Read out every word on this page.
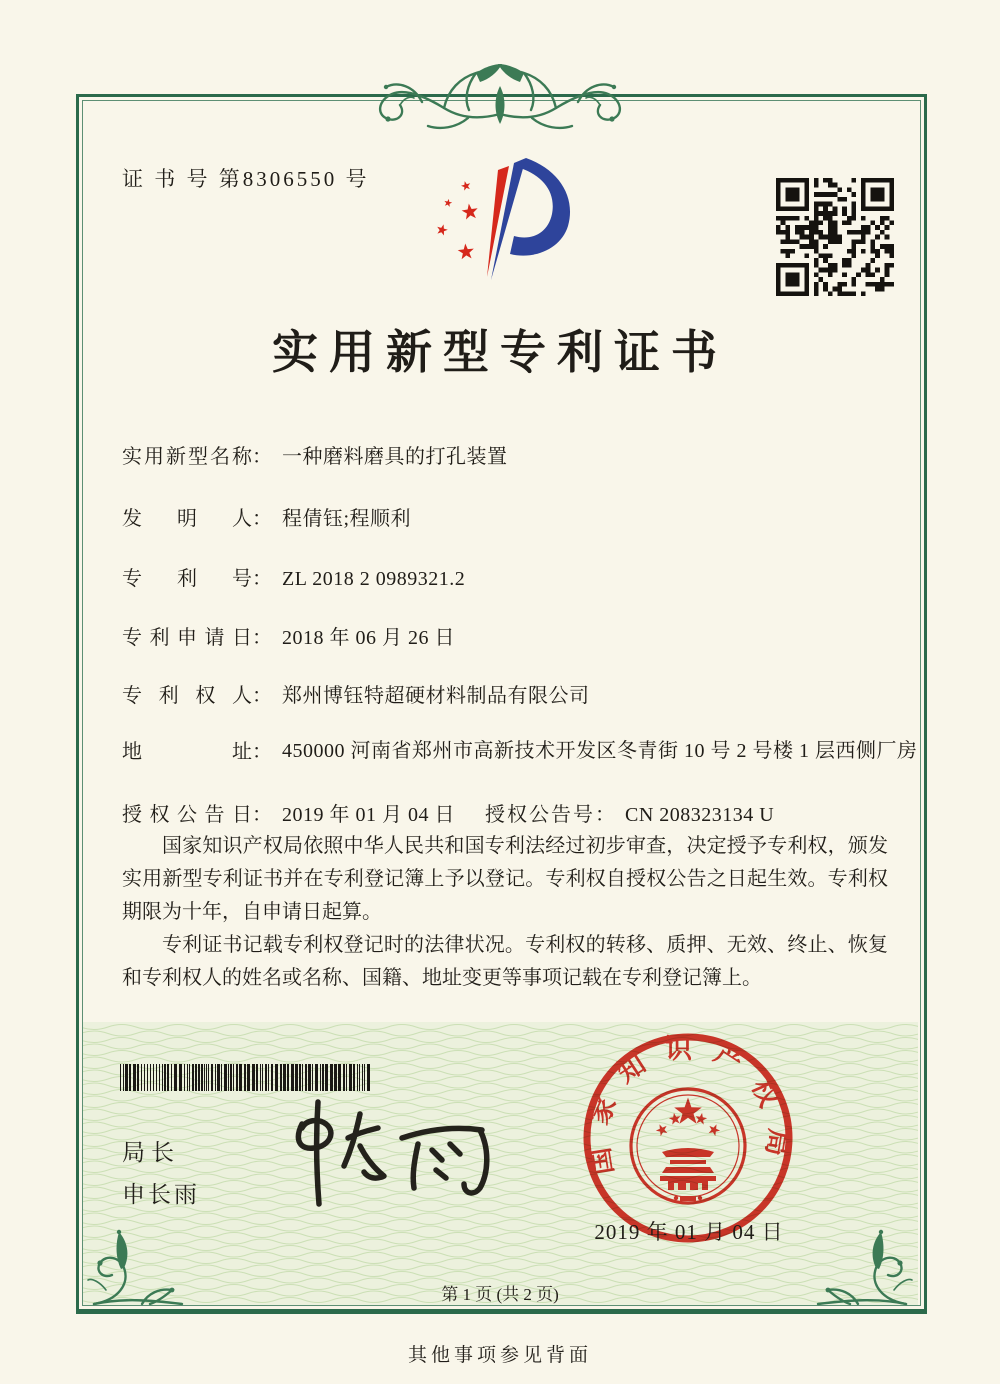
证 书 号 第8306550 号
实用新型专利证书
实用新型名称： 一种磨料磨具的打孔装置
发明人： 程倩钰;程顺利
专利号： ZL 2018 2 0989321.2
专利申请日： 2018 年 06 月 26 日
专利权人： 郑州博钰特超硬材料制品有限公司
地址： 450000 河南省郑州市高新技术开发区冬青街 10 号 2 号楼 1 层西侧厂房
授权公告日： 2019 年 01 月 04 日 授权公告号： CN 208323134 U

国家知识产权局依照中华人民共和国专利法经过初步审查，决定授予专利权，颁发实用新型专利证书并在专利登记簿上予以登记。专利权自授权公告之日起生效。专利权期限为十年，自申请日起算。

专利证书记载专利权登记时的法律状况。专利权的转移、质押、无效、终止、恢复和专利权人的姓名或名称、国籍、地址变更等事项记载在专利登记簿上。

局长
申长雨
国家知识产权局
2019 年 01 月 04 日
第 1 页 (共 2 页)
其他事项参见背面
